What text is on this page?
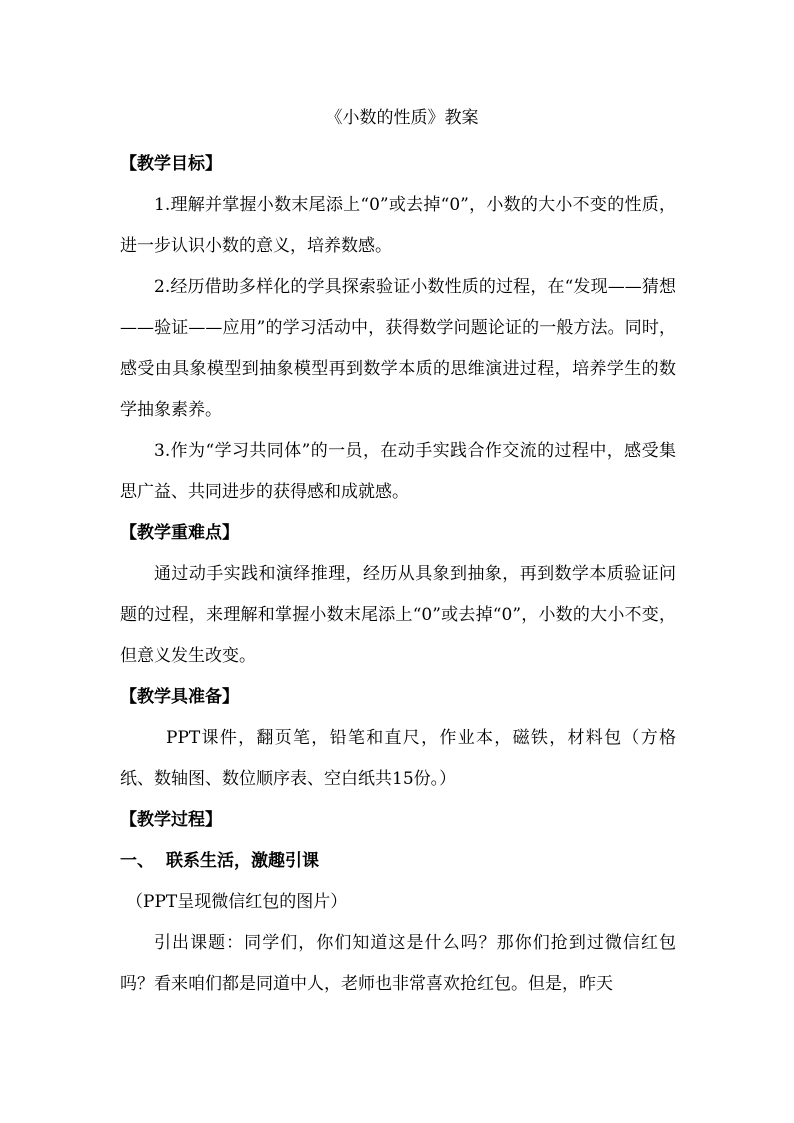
《小数的性质》教案

【教学目标】

1.理解并掌握小数末尾添上“0”或去掉“0”，小数的大小不变的性质，进一步认识小数的意义，培养数感。

2.经历借助多样化的学具探索验证小数性质的过程，在“发现——猜想——验证——应用”的学习活动中，获得数学问题论证的一般方法。同时，感受由具象模型到抽象模型再到数学本质的思维演进过程，培养学生的数学抽象素养。

3.作为“学习共同体”的一员，在动手实践合作交流的过程中，感受集思广益、共同进步的获得感和成就感。

【教学重难点】

通过动手实践和演绎推理，经历从具象到抽象，再到数学本质验证问题的过程，来理解和掌握小数末尾添上“0”或去掉“0”，小数的大小不变，但意义发生改变。

【教学具准备】

PPT课件，翻页笔，铅笔和直尺，作业本，磁铁，材料包（方格纸、数轴图、数位顺序表、空白纸共15份。）

【教学过程】

一、 联系生活，激趣引课

（PPT呈现微信红包的图片）

引出课题：同学们，你们知道这是什么吗？那你们抢到过微信红包吗？看来咱们都是同道中人，老师也非常喜欢抢红包。但是，昨天
